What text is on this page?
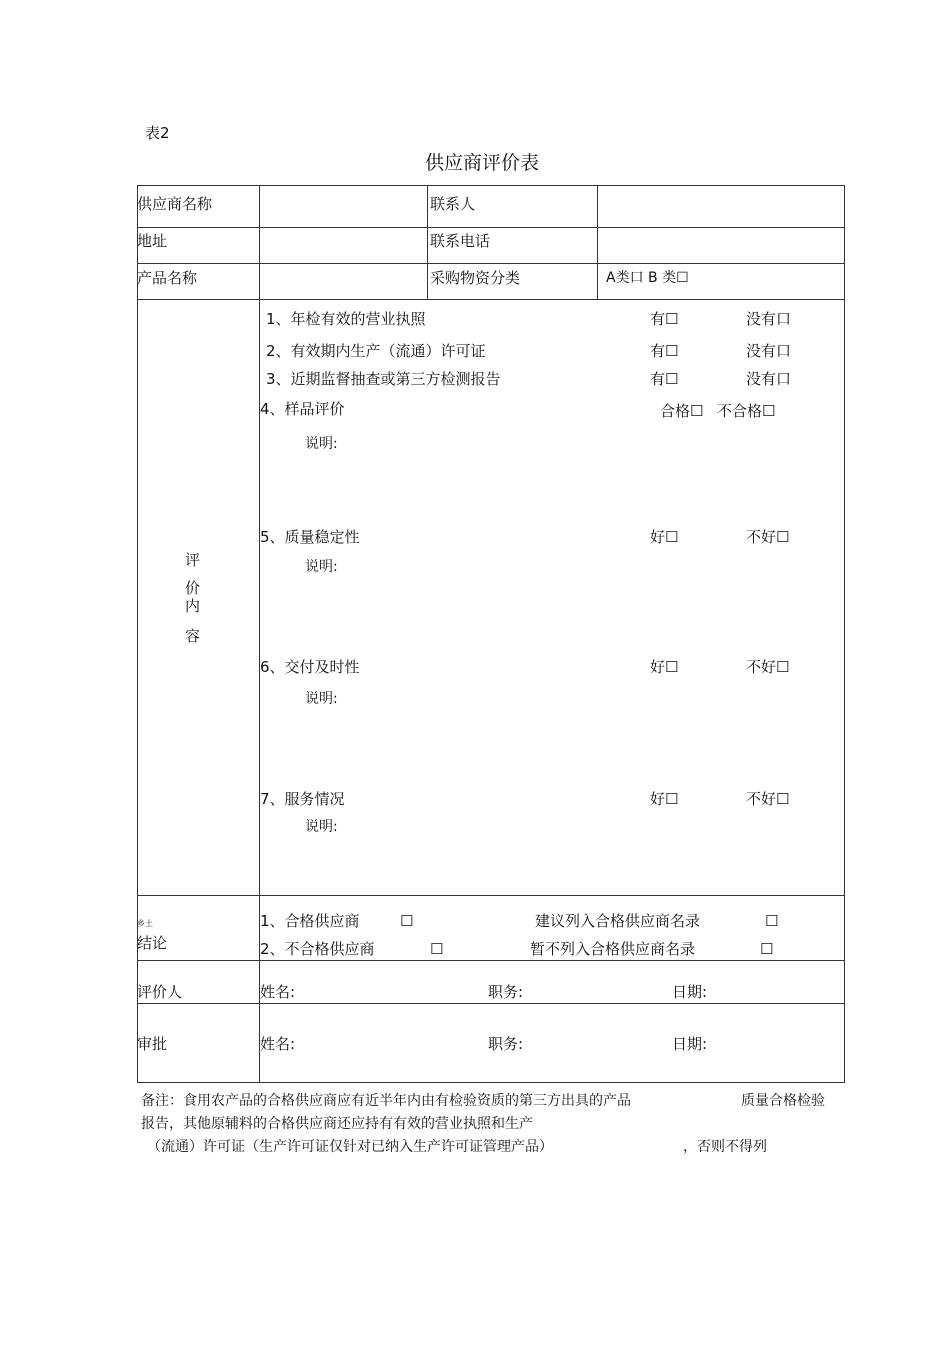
表2
供应商评价表
供应商名称	联系人
地址	联系电话
产品名称	采购物资分类	A类口 B 类☐
评
价
内
容
1、年检有效的营业执照	有☐	没有口
2、有效期内生产（流通）许可证	有☐	没有口
3、近期监督抽查或第三方检测报告	有☐	没有口
4、样品评价	合格☐ 不合格☐
说明:
5、质量稳定性	好☐	不好☐
说明:
6、交付及时性	好☐	不好☐
说明:
7、服务情况	好☐	不好☐
说明:
乡土
结论
1、合格供应商	☐	建议列入合格供应商名录	☐
2、不合格供应商	☐	暂不列入合格供应商名录	☐
评价人	姓名:	职务:	日期:
审批	姓名:	职务:	日期:
备注：食用农产品的合格供应商应有近半年内由有检验资质的第三方出具的产品	质量合格检验
报告，其他原辅料的合格供应商还应持有有效的营业执照和生产
（流通）许可证（生产许可证仅针对已纳入生产许可证管理产品）	，否则不得列
